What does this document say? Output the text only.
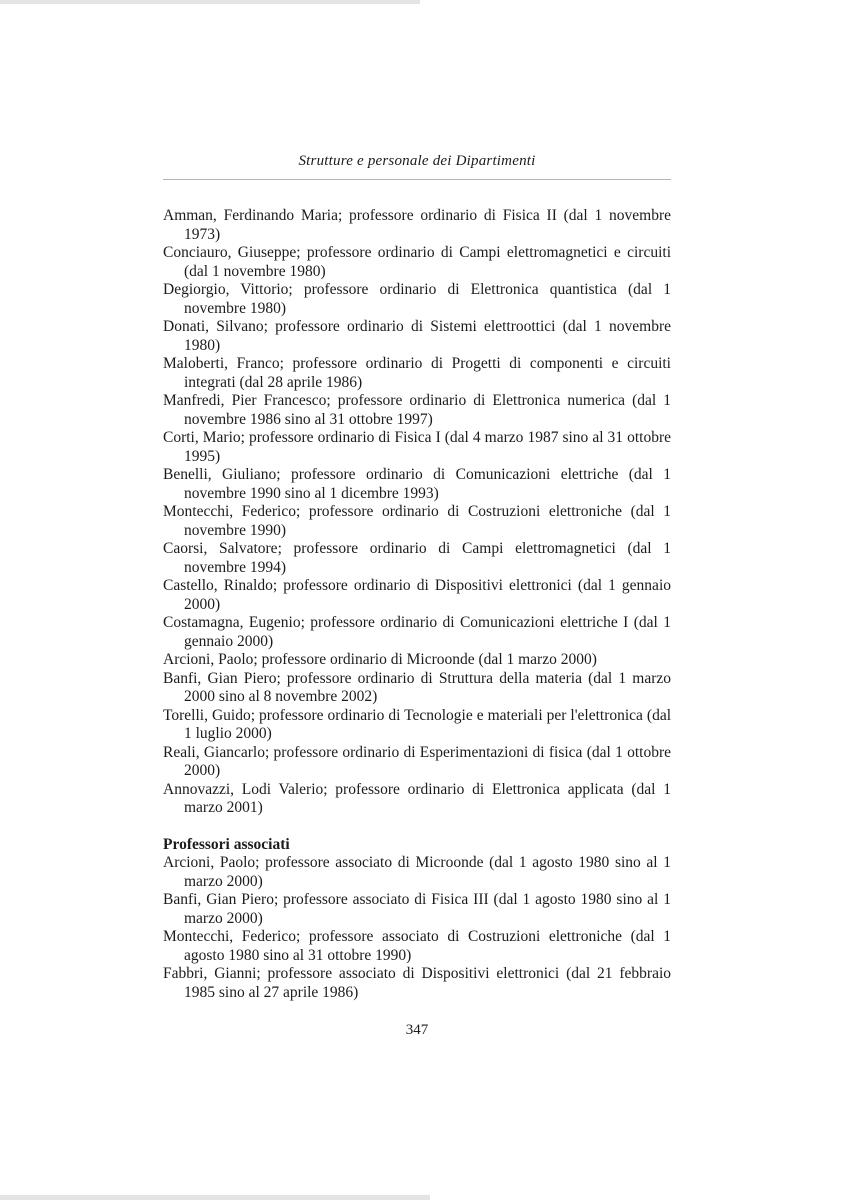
Strutture e personale dei Dipartimenti

Amman, Ferdinando Maria; professore ordinario di Fisica II (dal 1 novembre 1973)

Conciauro, Giuseppe; professore ordinario di Campi elettromagnetici e circuiti (dal 1 novembre 1980)

Degiorgio, Vittorio; professore ordinario di Elettronica quantistica (dal 1 novembre 1980)

Donati, Silvano; professore ordinario di Sistemi elettroottici (dal 1 novembre 1980)

Maloberti, Franco; professore ordinario di Progetti di componenti e circuiti integrati (dal 28 aprile 1986)

Manfredi, Pier Francesco; professore ordinario di Elettronica numerica (dal 1 novembre 1986 sino al 31 ottobre 1997)

Corti, Mario; professore ordinario di Fisica I (dal 4 marzo 1987 sino al 31 ottobre 1995)

Benelli, Giuliano; professore ordinario di Comunicazioni elettriche (dal 1 novembre 1990 sino al 1 dicembre 1993)

Montecchi, Federico; professore ordinario di Costruzioni elettroniche (dal 1 novembre 1990)

Caorsi, Salvatore; professore ordinario di Campi elettromagnetici (dal 1 novembre 1994)

Castello, Rinaldo; professore ordinario di Dispositivi elettronici (dal 1 gennaio 2000)

Costamagna, Eugenio; professore ordinario di Comunicazioni elettriche I (dal 1 gennaio 2000)

Arcioni, Paolo; professore ordinario di Microonde (dal 1 marzo 2000)

Banfi, Gian Piero; professore ordinario di Struttura della materia (dal 1 marzo 2000 sino al 8 novembre 2002)

Torelli, Guido; professore ordinario di Tecnologie e materiali per l'elettronica (dal 1 luglio 2000)

Reali, Giancarlo; professore ordinario di Esperimentazioni di fisica (dal 1 ottobre 2000)

Annovazzi, Lodi Valerio; professore ordinario di Elettronica applicata (dal 1 marzo 2001)

Professori associati

Arcioni, Paolo; professore associato di Microonde (dal 1 agosto 1980 sino al 1 marzo 2000)

Banfi, Gian Piero; professore associato di Fisica III (dal 1 agosto 1980 sino al 1 marzo 2000)

Montecchi, Federico; professore associato di Costruzioni elettroniche (dal 1 agosto 1980 sino al 31 ottobre 1990)

Fabbri, Gianni; professore associato di Dispositivi elettronici (dal 21 febbraio 1985 sino al 27 aprile 1986)

347
